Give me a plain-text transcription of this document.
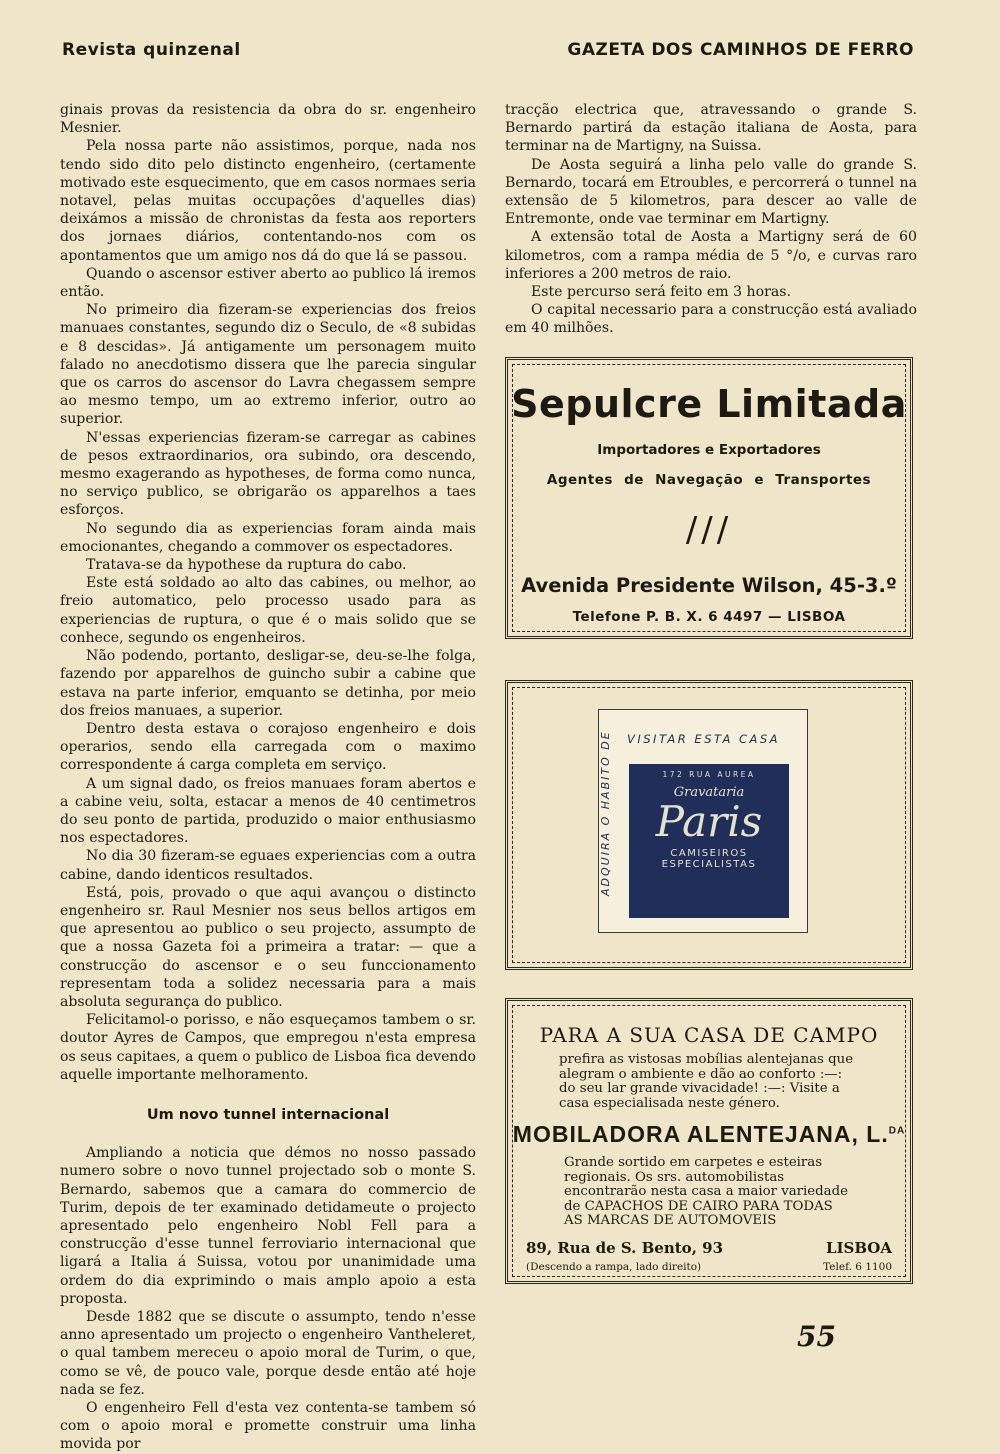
Revista quinzenal	GAZETA DOS CAMINHOS DE FERRO

ginais provas da resistencia da obra do sr. engenheiro Mesnier.

Pela nossa parte não assistimos, porque, nada nos tendo sido dito pelo distincto engenheiro, (certamente motivado este esquecimento, que em casos normaes seria notavel, pelas muitas occupações d'aquelles dias) deixámos a missão de chronistas da festa aos reporters dos jornaes diários, contentando-nos com os apontamentos que um amigo nos dá do que lá se passou.

Quando o ascensor estiver aberto ao publico lá iremos então.

No primeiro dia fizeram-se experiencias dos freios manuaes constantes, segundo diz o Seculo, de «8 subidas e 8 descidas». Já antigamente um personagem muito falado no anecdotismo dissera que lhe parecia singular que os carros do ascensor do Lavra chegassem sempre ao mesmo tempo, um ao extremo inferior, outro ao superior.

N'essas experiencias fizeram-se carregar as cabines de pesos extraordinarios, ora subindo, ora descendo, mesmo exagerando as hypotheses, de forma como nunca, no serviço publico, se obrigarão os apparelhos a taes esforços.

No segundo dia as experiencias foram ainda mais emocionantes, chegando a commover os espectadores.

Tratava-se da hypothese da ruptura do cabo.

Este está soldado ao alto das cabines, ou melhor, ao freio automatico, pelo processo usado para as experiencias de ruptura, o que é o mais solido que se conhece, segundo os engenheiros.

Não podendo, portanto, desligar-se, deu-se-lhe folga, fazendo por apparelhos de guincho subir a cabine que estava na parte inferior, emquanto se detinha, por meio dos freios manuaes, a superior.

Dentro desta estava o corajoso engenheiro e dois operarios, sendo ella carregada com o maximo correspondente á carga completa em serviço.

A um signal dado, os freios manuaes foram abertos e a cabine veiu, solta, estacar a menos de 40 centimetros do seu ponto de partida, produzido o maior enthusiasmo nos espectadores.

No dia 30 fizeram-se eguaes experiencias com a outra cabine, dando identicos resultados.

Está, pois, provado o que aqui avançou o distincto engenheiro sr. Raul Mesnier nos seus bellos artigos em que apresentou ao publico o seu projecto, assumpto de que a nossa Gazeta foi a primeira a tratar: — que a construcção do ascensor e o seu funccionamento representam toda a solidez necessaria para a mais absoluta segurança do publico.

Felicitamol-o porisso, e não esqueçamos tambem o sr. doutor Ayres de Campos, que empregou n'esta empresa os seus capitaes, a quem o publico de Lisboa fica devendo aquelle importante melhoramento.

Um novo tunnel internacional

Ampliando a noticia que démos no nosso passado numero sobre o novo tunnel projectado sob o monte S. Bernardo, sabemos que a camara do commercio de Turim, depois de ter examinado detidameute o projecto apresentado pelo engenheiro Nobl Fell para a construcção d'esse tunnel ferroviario internacional que ligará a Italia á Suissa, votou por unanimidade uma ordem do dia exprimindo o mais amplo apoio a esta proposta.

Desde 1882 que se discute o assumpto, tendo n'esse anno apresentado um projecto o engenheiro Vantheleret, o qual tambem mereceu o apoio moral de Turim, o que, como se vê, de pouco vale, porque desde então até hoje nada se fez.

O engenheiro Fell d'esta vez contenta-se tambem só com o apoio moral e promette construir uma linha movida por

tracção electrica que, atravessando o grande S. Bernardo partirá da estação italiana de Aosta, para terminar na de Martigny, na Suissa.

De Aosta seguirá a linha pelo valle do grande S. Bernardo, tocará em Etroubles, e percorrerá o tunnel na extensão de 5 kilometros, para descer ao valle de Entremonte, onde vae terminar em Martigny.

A extensão total de Aosta a Martigny será de 60 kilometros, com a rampa média de 5 °/o, e curvas raro inferiores a 200 metros de raio.

Este percurso será feito em 3 horas.

O capital necessario para a construcção está avaliado em 40 milhões.

Sepulcre Limitada
Importadores e Exportadores
Agentes de Navegação e Transportes
///
Avenida Presidente Wilson, 45-3.º
Telefone P. B. X. 6 4497 — LISBOA
ADQUIRA O HABITO DE	VISITAR ESTA CASA
172 RUA AUREA
Gravataria
Paris
CAMISEIROS
ESPECIALISTAS
PARA A SUA CASA DE CAMPO
prefira as vistosas mobílias alentejanas que alegram o ambiente e dão ao conforto :—: do seu lar grande vivacidade! :—: Visite a casa especialisada neste género.
MOBILADORA ALENTEJANA, L.$^{DA}$
Grande sortido em carpetes e esteiras regionais. Os srs. automobilistas encontrarão nesta casa a maior variedade de CAPACHOS DE CAIRO PARA TODAS AS MARCAS DE AUTOMOVEIS
89, Rua de S. Bento, 93	LISBOA
(Descendo a rampa, lado direito)	Telef. 6 1100
55
